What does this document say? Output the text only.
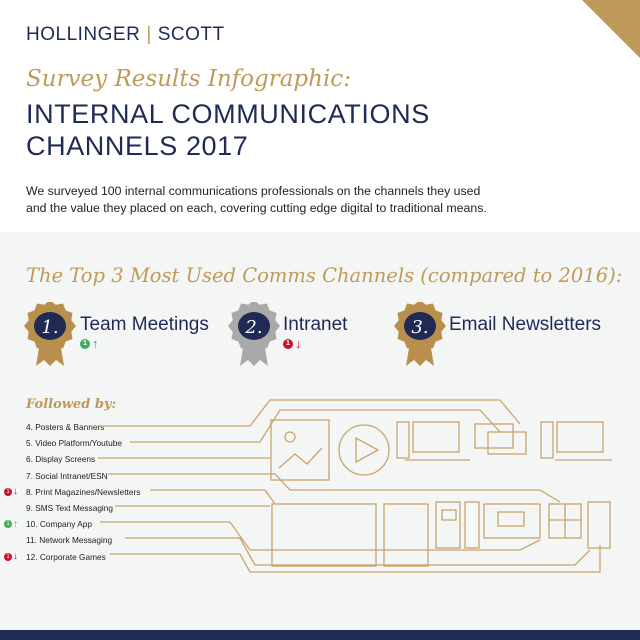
HOLLINGER | SCOTT
Survey Results Infographic:
INTERNAL COMMUNICATIONS
CHANNELS 2017
We surveyed 100 internal communications professionals on the channels they used
and the value they placed on each, covering cutting edge digital to traditional means.
The Top 3 Most Used Comms Channels (compared to 2016):
1. Team Meetings
1 ↑
2. Intranet
1 ↓
3. Email Newsletters
Followed by:
4. Posters & Banners
5. Video Platform/Youtube
6. Display Screens
7. Social Intranet/ESN
1 ↓ 8. Print Magazines/Newsletters
9. SMS Text Messaging
1 ↑ 10. Company App
11. Network Messaging
1 ↓ 12. Corporate Games
